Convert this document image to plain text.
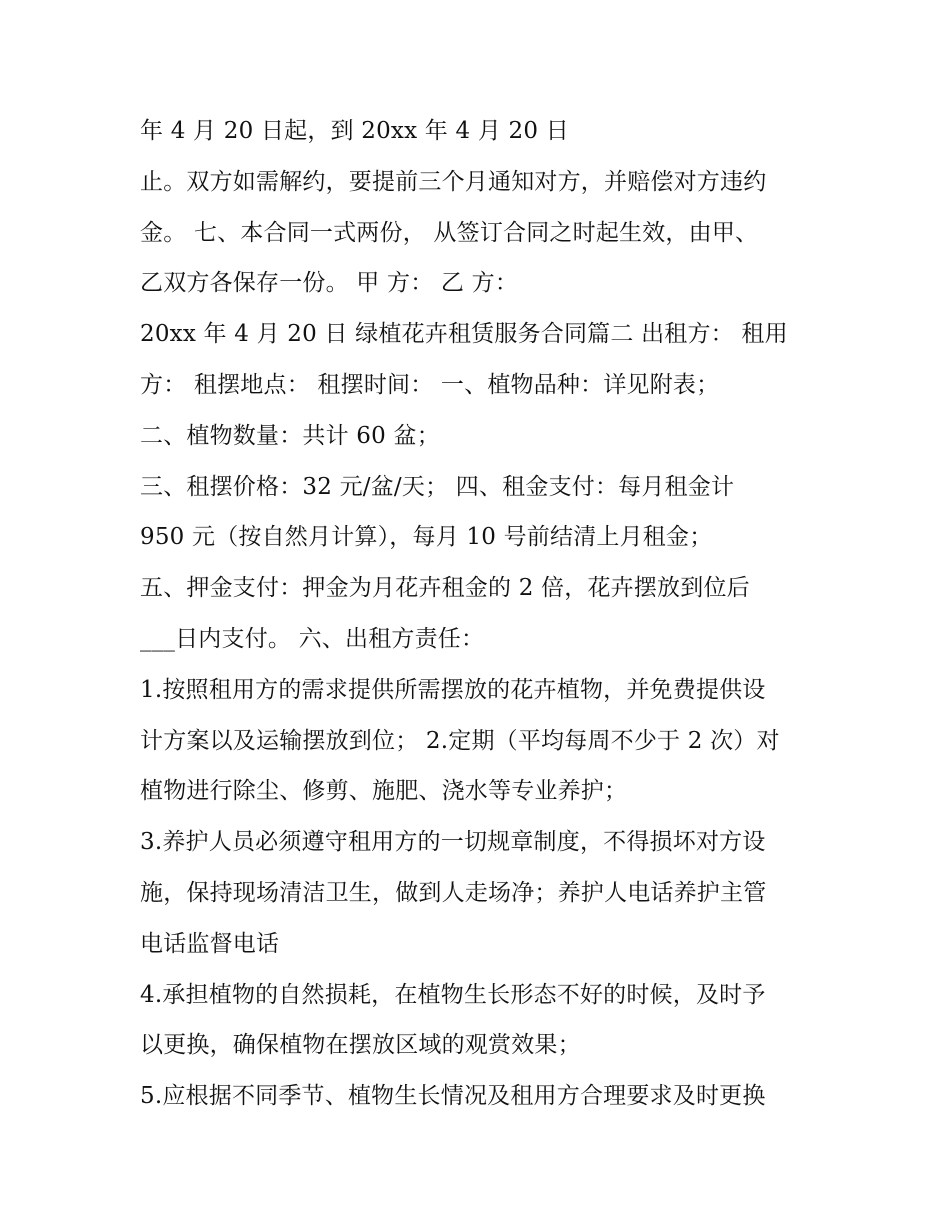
年 4 月 20 日起，到 20xx 年 4 月 20 日
止。双方如需解约，要提前三个月通知对方，并赔偿对方违约
金。 七、本合同一式两份， 从签订合同之时起生效，由甲、
乙双方各保存一份。 甲 方： 乙 方：
20xx 年 4 月 20 日 绿植花卉租赁服务合同篇二 出租方： 租用
方： 租摆地点： 租摆时间： 一、植物品种：详见附表；
二、植物数量：共计 60 盆；
三、租摆价格：32 元/盆/天； 四、租金支付：每月租金计
950 元（按自然月计算），每月 10 号前结清上月租金；
五、押金支付：押金为月花卉租金的 2 倍，花卉摆放到位后
___日内支付。 六、出租方责任：
1.按照租用方的需求提供所需摆放的花卉植物，并免费提供设
计方案以及运输摆放到位； 2.定期（平均每周不少于 2 次）对
植物进行除尘、修剪、施肥、浇水等专业养护；
3.养护人员必须遵守租用方的一切规章制度，不得损坏对方设
施，保持现场清洁卫生，做到人走场净；养护人电话养护主管
电话监督电话
4.承担植物的自然损耗，在植物生长形态不好的时候，及时予
以更换，确保植物在摆放区域的观赏效果；
5.应根据不同季节、植物生长情况及租用方合理要求及时更换
